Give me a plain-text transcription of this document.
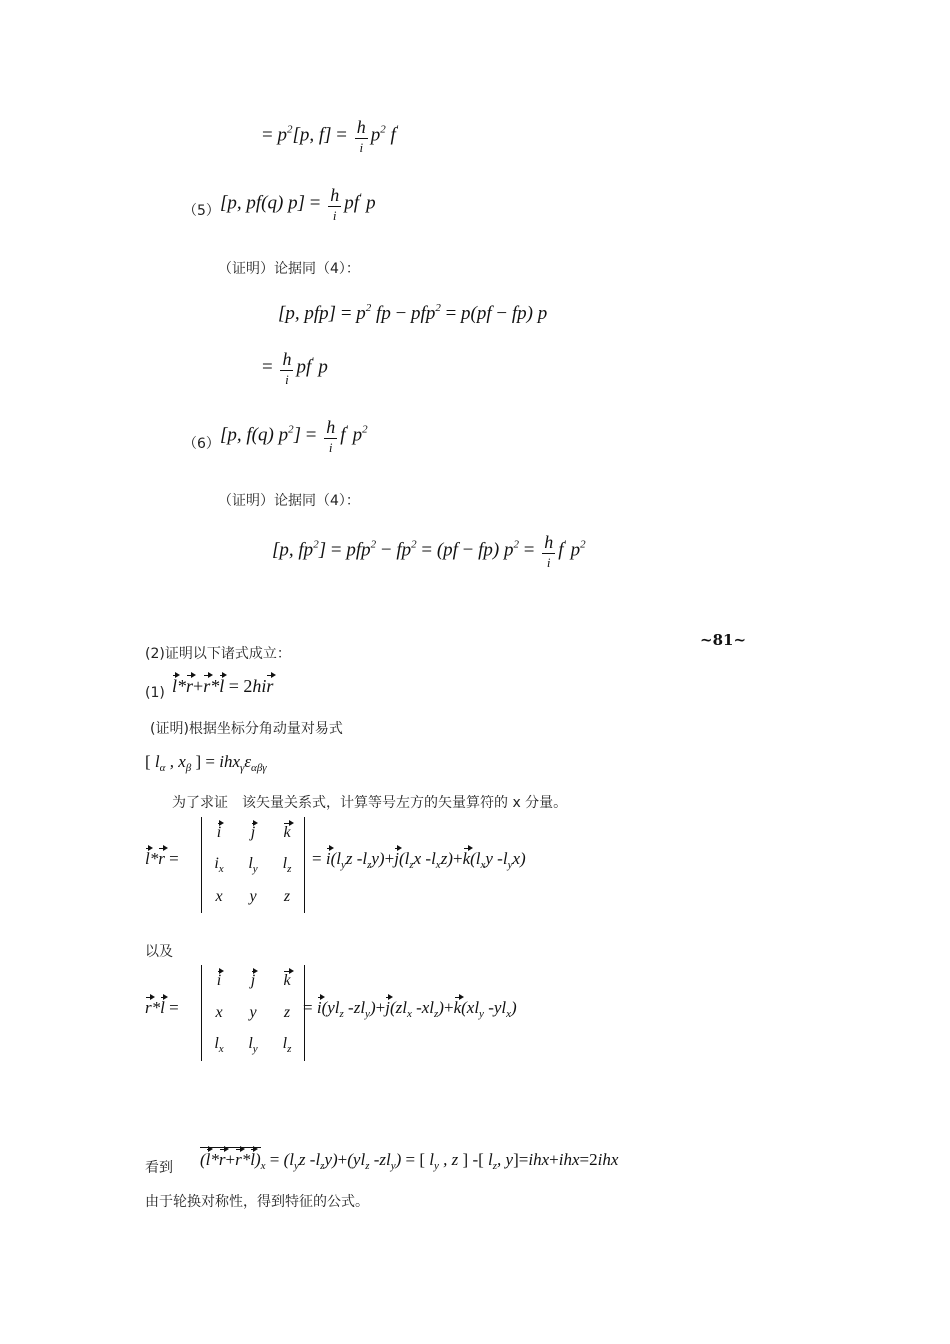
= $p^2[p$, $f] = \frac{h}{i} p^2$ f′
（5） [p, pf(q) $p] = \frac{h}{i} pf'$ p
（证明）论据同（4）：
[p, $pfp] = p^2$ fp − pfp$^2$ = p(pf − fp) p
= $\frac{h}{i} pf'$ p
（6） [p, f(q) $p^2] = \frac{h}{i} f'$ $p^2$
（证明）论据同（4）：
[p, $fp^2] = pfp^2 - fp^2 = (pf - fp) p^2 = \frac{h}{i} f'$ $p^2$
~81~
(2)证明以下诸式成立：
(1) l*r+r*l = 2hir
(证明)根据坐标分角动量对易式
[ $l_\alpha$ , $x_\beta$ ] = $ihx_\gamma\varepsilon_{\alpha\beta\gamma}$
为了求证　该矢量关系式，计算等号左方的矢量算符的 x 分量。
l*r =
i	j	k
$i_x$	$l_y$	$l_z$
x	y	z
= $i(l_yz$ $-l_zy)+j(l_zx$ $-l_xz)+k(l_xy$ $-l_yx$)
以及
r*l =
i	j	k
x	y	z
$l_x$	$l_y$	$l_z$
= $i(yl_z$ $-zl_y)+j(zl_x$ $-xl_z)+k(xl_y$ $-yl_x$)
看到 $(l*r+r*l)_x = (l_yz$ $-l_zy)+(yl_z$ $-zl_y$) = [ $l_y$ , z ] -[ $l_z$, y]=ihx+ihx=2ihx
由于轮换对称性，得到特征的公式。
